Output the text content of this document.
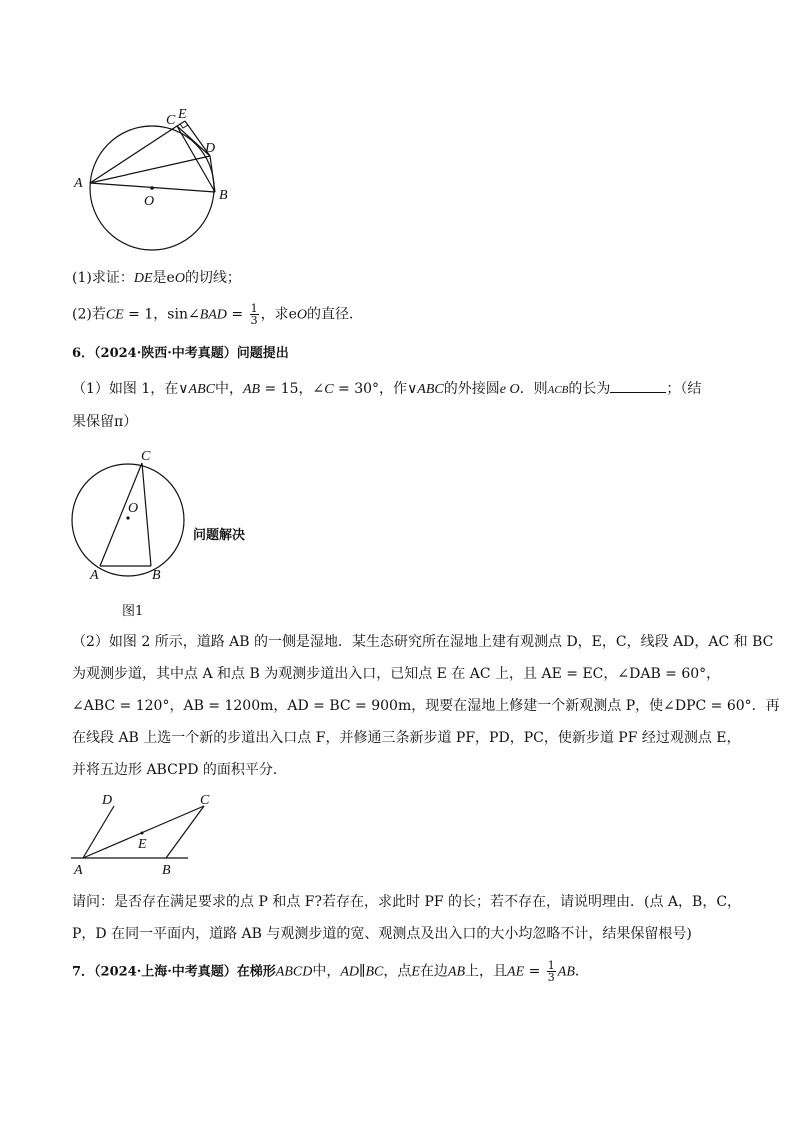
A
B
C
D
E
O
(1)求证：DE是eO的切线；
(2)若CE = 1，sin∠BAD = $\frac{1}{3}$ ，求eO的直径．
6．（2024·陕西·中考真题）问题提出
（1）如图 1，在∨ABC中，AB = 15，∠C = 30°，作∨ABC的外接圆e O．则ACB的长为	；（结
果保留π）
C
O
A	B
问题解决
图1
（2）如图 2 所示，道路 AB 的一侧是湿地．某生态研究所在湿地上建有观测点 D，E，C，线段 AD，AC 和 BC
为观测步道，其中点 A 和点 B 为观测步道出入口，已知点 E 在 AC 上，且 AE = EC，∠DAB = 60°，
∠ABC = 120°，AB = 1200m，AD = BC = 900m，现要在湿地上修建一个新观测点 P，使∠DPC = 60°．再
在线段 AB 上选一个新的步道出入口点 F，并修通三条新步道 PF，PD，PC，使新步道 PF 经过观测点 E，
并将五边形 ABCPD 的面积平分．
D	C
E
A	B
请问：是否存在满足要求的点 P 和点 F?若存在，求此时 PF 的长；若不存在，请说明理由．(点 A，B，C，
P，D 在同一平面内，道路 AB 与观测步道的宽、观测点及出入口的大小均忽略不计，结果保留根号)
7．（2024·上海·中考真题）在梯形ABCD中，AD∥BC，点E在边AB上，且AE = $\frac{1}{3}$ AB．
